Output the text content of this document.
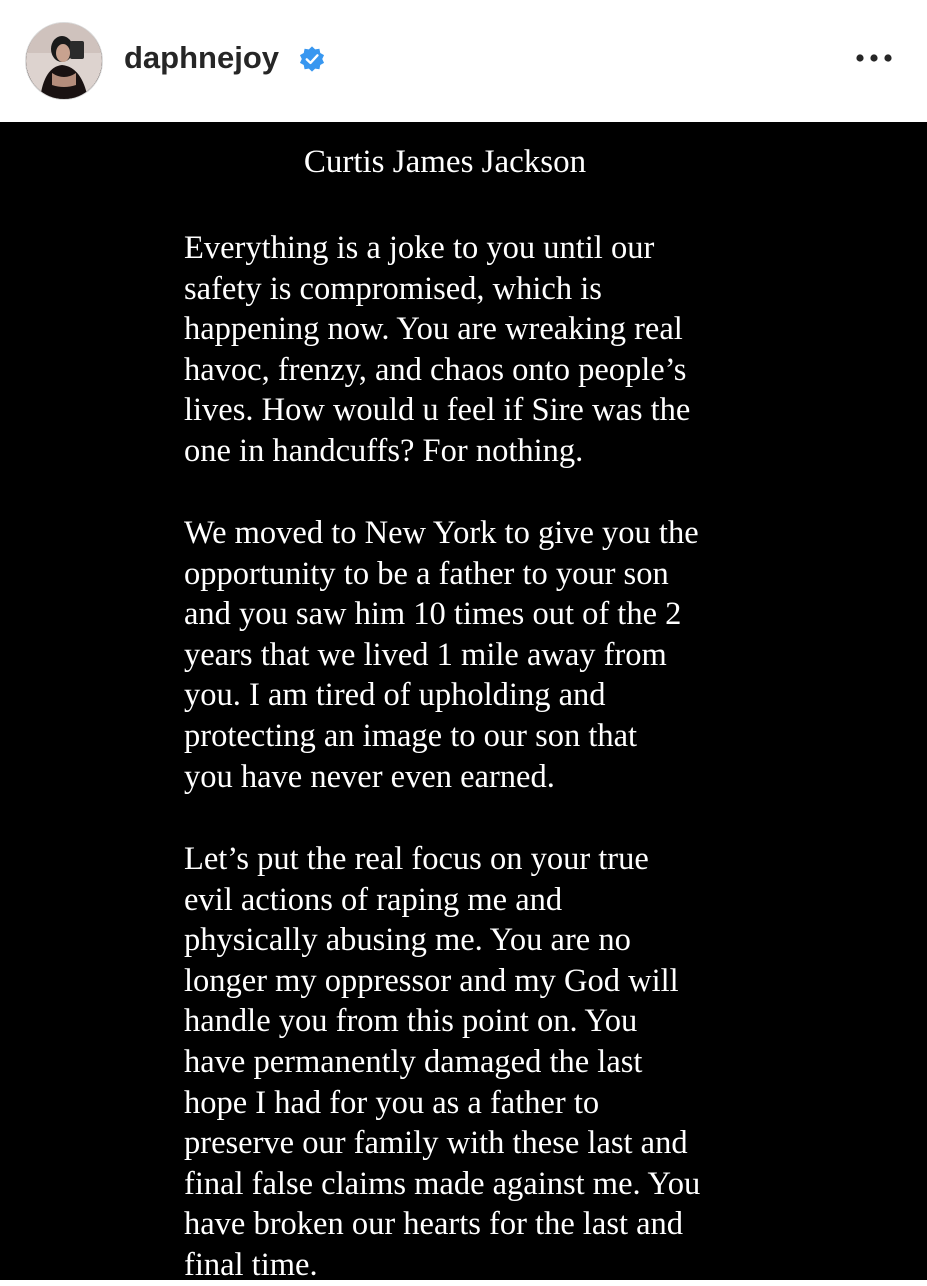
daphnejoy
Curtis James Jackson

Everything is a joke to you until our
safety is compromised, which is
happening now. You are wreaking real
havoc, frenzy, and chaos onto people’s
lives. How would u feel if Sire was the
one in handcuffs? For nothing.

We moved to New York to give you the
opportunity to be a father to your son
and you saw him 10 times out of the 2
years that we lived 1 mile away from
you. I am tired of upholding and
protecting an image to our son that
you have never even earned.

Let’s put the real focus on your true
evil actions of raping me and
physically abusing me. You are no
longer my oppressor and my God will
handle you from this point on. You
have permanently damaged the last
hope I had for you as a father to
preserve our family with these last and
final false claims made against me. You
have broken our hearts for the last and
final time.
